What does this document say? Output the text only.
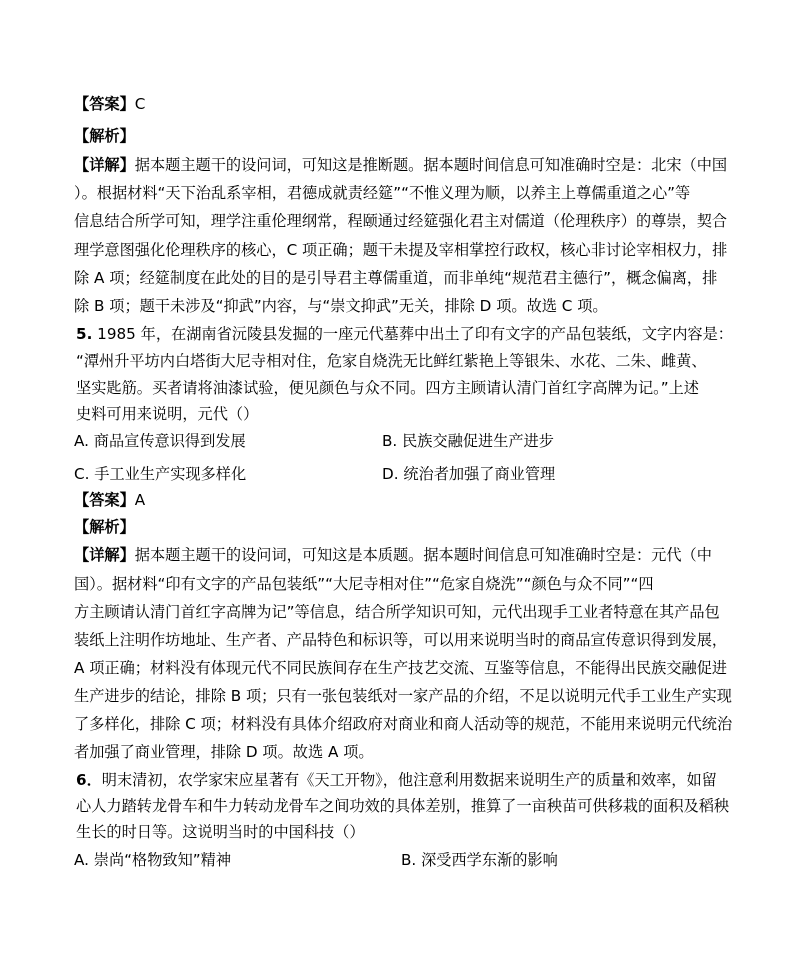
【答案】C
【解析】
【详解】据本题主题干的设问词，可知这是推断题。据本题时间信息可知准确时空是：北宋（中国
）。根据材料“天下治乱系宰相，君德成就责经筵”“不惟义理为顺，以养主上尊儒重道之心”等
信息结合所学可知，理学注重伦理纲常，程颐通过经筵强化君主对儒道（伦理秩序）的尊崇，契合
理学意图强化伦理秩序的核心，C 项正确；题干未提及宰相掌控行政权，核心非讨论宰相权力，排
除 A 项；经筵制度在此处的目的是引导君主尊儒重道，而非单纯“规范君主德行”，概念偏离，排
除 B 项；题干未涉及“抑武”内容，与“崇文抑武”无关，排除 D 项。故选 C 项。
5. 1985 年，在湖南省沅陵县发掘的一座元代墓葬中出土了印有文字的产品包装纸，文字内容是：
“潭州升平坊内白塔街大尼寺相对住，危家自烧洗无比鲜红紫艳上等银朱、水花、二朱、雌黄、
坚实匙筋。买者请将油漆试验，便见颜色与众不同。四方主顾请认清门首红字高牌为记。”上述
史料可用来说明，元代（）
A. 商品宣传意识得到发展	B. 民族交融促进生产进步
C. 手工业生产实现多样化	D. 统治者加强了商业管理
【答案】A
【解析】
【详解】据本题主题干的设问词，可知这是本质题。据本题时间信息可知准确时空是：元代（中
国）。据材料“印有文字的产品包装纸”“大尼寺相对住”“危家自烧洗”“颜色与众不同”“四
方主顾请认清门首红字高牌为记”等信息，结合所学知识可知，元代出现手工业者特意在其产品包
装纸上注明作坊地址、生产者、产品特色和标识等，可以用来说明当时的商品宣传意识得到发展，
A 项正确；材料没有体现元代不同民族间存在生产技艺交流、互鉴等信息，不能得出民族交融促进
生产进步的结论，排除 B 项；只有一张包装纸对一家产品的介绍，不足以说明元代手工业生产实现
了多样化，排除 C 项；材料没有具体介绍政府对商业和商人活动等的规范，不能用来说明元代统治
者加强了商业管理，排除 D 项。故选 A 项。
6．明末清初，农学家宋应星著有《天工开物》，他注意利用数据来说明生产的质量和效率，如留
心人力踏转龙骨车和牛力转动龙骨车之间功效的具体差别，推算了一亩秧苗可供移栽的面积及稻秧
生长的时日等。这说明当时的中国科技（）
A. 崇尚“格物致知”精神	B. 深受西学东渐的影响
